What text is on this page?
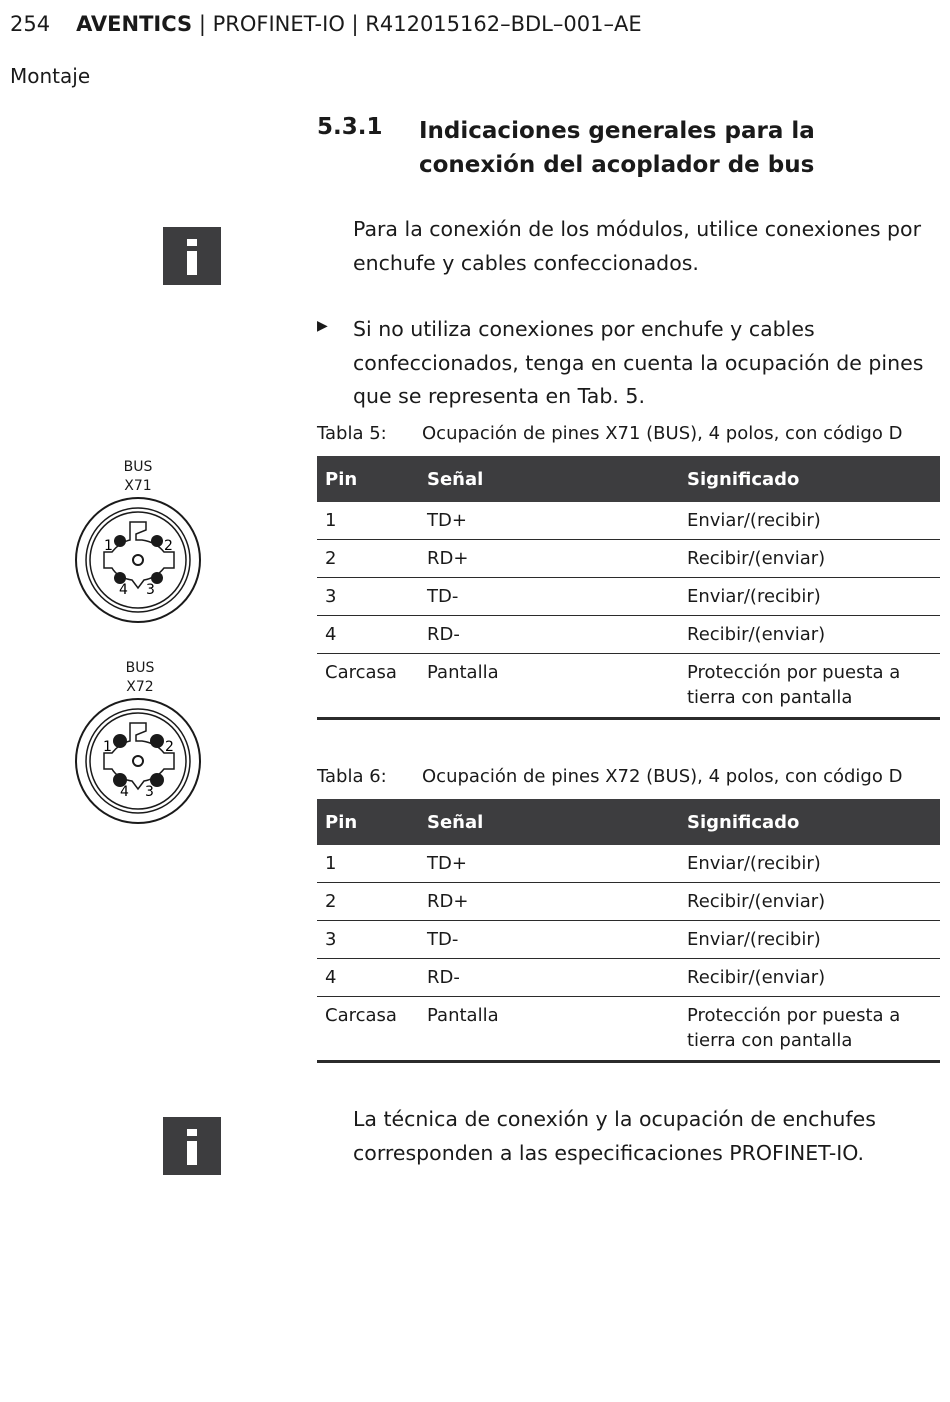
254 AVENTICS | PROFINET-IO | R412015162–BDL–001–AE
Montaje
5.3.1 Indicaciones generales para la conexión del acoplador de bus
Para la conexión de los módulos, utilice conexiones por enchufe y cables confeccionados.
▶ Si no utiliza conexiones por enchufe y cables confeccionados, tenga en cuenta la ocupación de pines que se representa en Tab. 5.
BUS
X71
1	2
4 3
BUS
X72
1	2
4 3
Tabla 5: Ocupación de pines X71 (BUS), 4 polos, con código D
Pin	Señal	Significado
1	TD+	Enviar/(recibir)
2	RD+	Recibir/(enviar)
3	TD-	Enviar/(recibir)
4	RD-	Recibir/(enviar)
Carcasa	Pantalla	Protección por puesta a tierra con pantalla
Tabla 6: Ocupación de pines X72 (BUS), 4 polos, con código D
Pin	Señal	Significado
1	TD+	Enviar/(recibir)
2	RD+	Recibir/(enviar)
3	TD-	Enviar/(recibir)
4	RD-	Recibir/(enviar)
Carcasa	Pantalla	Protección por puesta a tierra con pantalla
La técnica de conexión y la ocupación de enchufes corresponden a las especificaciones PROFINET-IO.
